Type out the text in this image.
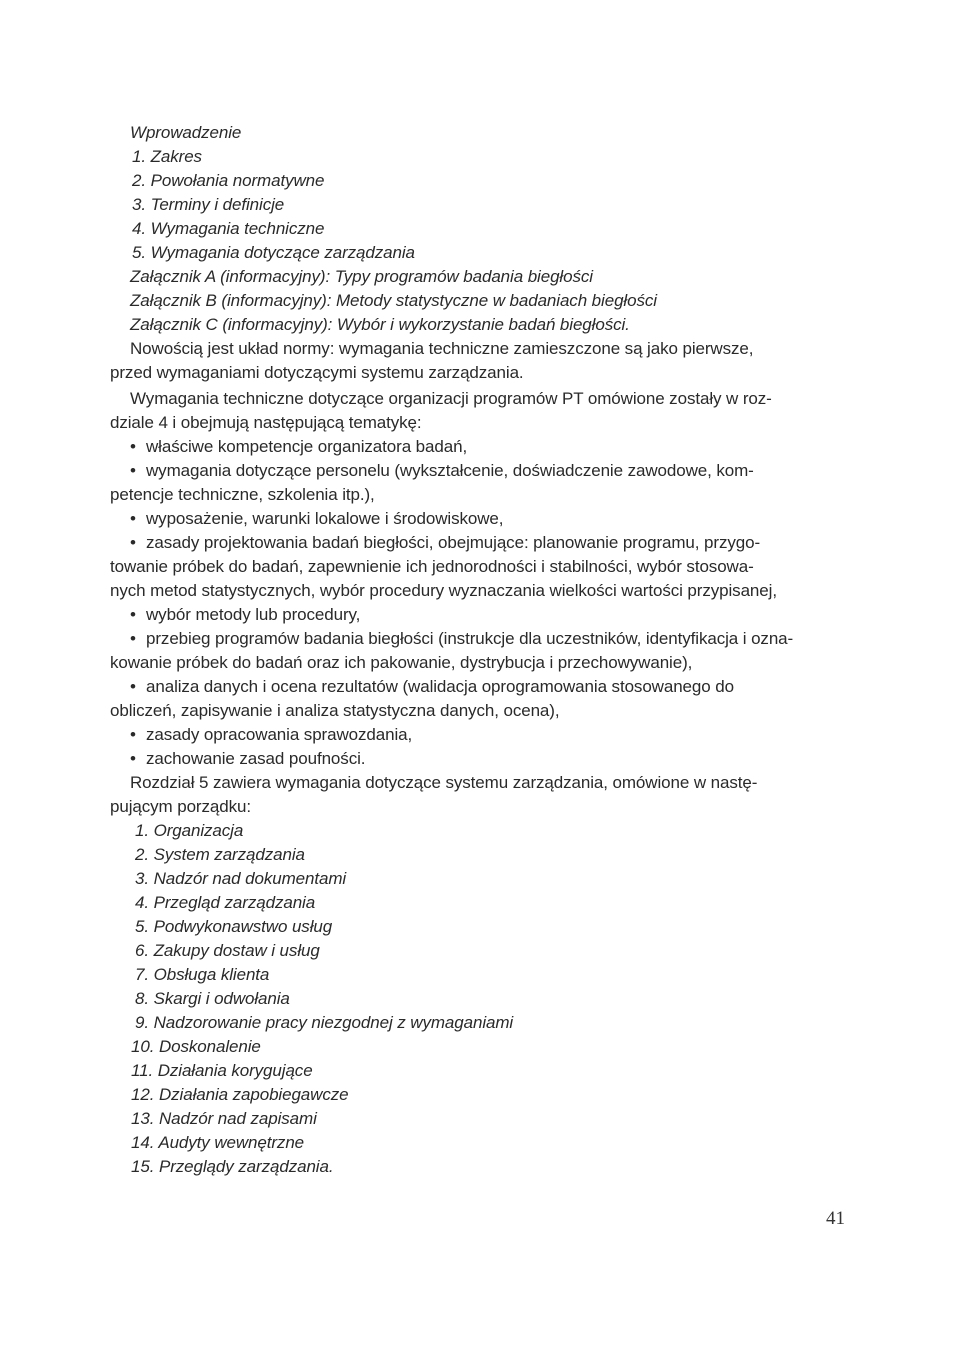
Wprowadzenie
1. Zakres
2. Powołania normatywne
3. Terminy i definicje
4. Wymagania techniczne
5. Wymagania dotyczące zarządzania
Załącznik A (informacyjny): Typy programów badania biegłości
Załącznik B (informacyjny): Metody statystyczne w badaniach biegłości
Załącznik C (informacyjny): Wybór i wykorzystanie badań biegłości.
Nowością jest układ normy: wymagania techniczne zamieszczone są jako pierwsze,
przed wymaganiami dotyczącymi systemu zarządzania.
Wymagania techniczne dotyczące organizacji programów PT omówione zostały w roz-
dziale 4 i obejmują następującą tematykę:
• właściwe kompetencje organizatora badań,
• wymagania dotyczące personelu (wykształcenie, doświadczenie zawodowe, kom-
petencje techniczne, szkolenia itp.),
• wyposażenie, warunki lokalowe i środowiskowe,
• zasady projektowania badań biegłości, obejmujące: planowanie programu, przygo-
towanie próbek do badań, zapewnienie ich jednorodności i stabilności, wybór stosowa-
nych metod statystycznych, wybór procedury wyznaczania wielkości wartości przypisanej,
• wybór metody lub procedury,
• przebieg programów badania biegłości (instrukcje dla uczestników, identyfikacja i ozna-
kowanie próbek do badań oraz ich pakowanie, dystrybucja i przechowywanie),
• analiza danych i ocena rezultatów (walidacja oprogramowania stosowanego do
obliczeń, zapisywanie i analiza statystyczna danych, ocena),
• zasady opracowania sprawozdania,
• zachowanie zasad poufności.
Rozdział 5 zawiera wymagania dotyczące systemu zarządzania, omówione w nastę-
pującym porządku:
1. Organizacja
2. System zarządzania
3. Nadzór nad dokumentami
4. Przegląd zarządzania
5. Podwykonawstwo usług
6. Zakupy dostaw i usług
7. Obsługa klienta
8. Skargi i odwołania
9. Nadzorowanie pracy niezgodnej z wymaganiami
10. Doskonalenie
11. Działania korygujące
12. Działania zapobiegawcze
13. Nadzór nad zapisami
14. Audyty wewnętrzne
15. Przeglądy zarządzania.
41
